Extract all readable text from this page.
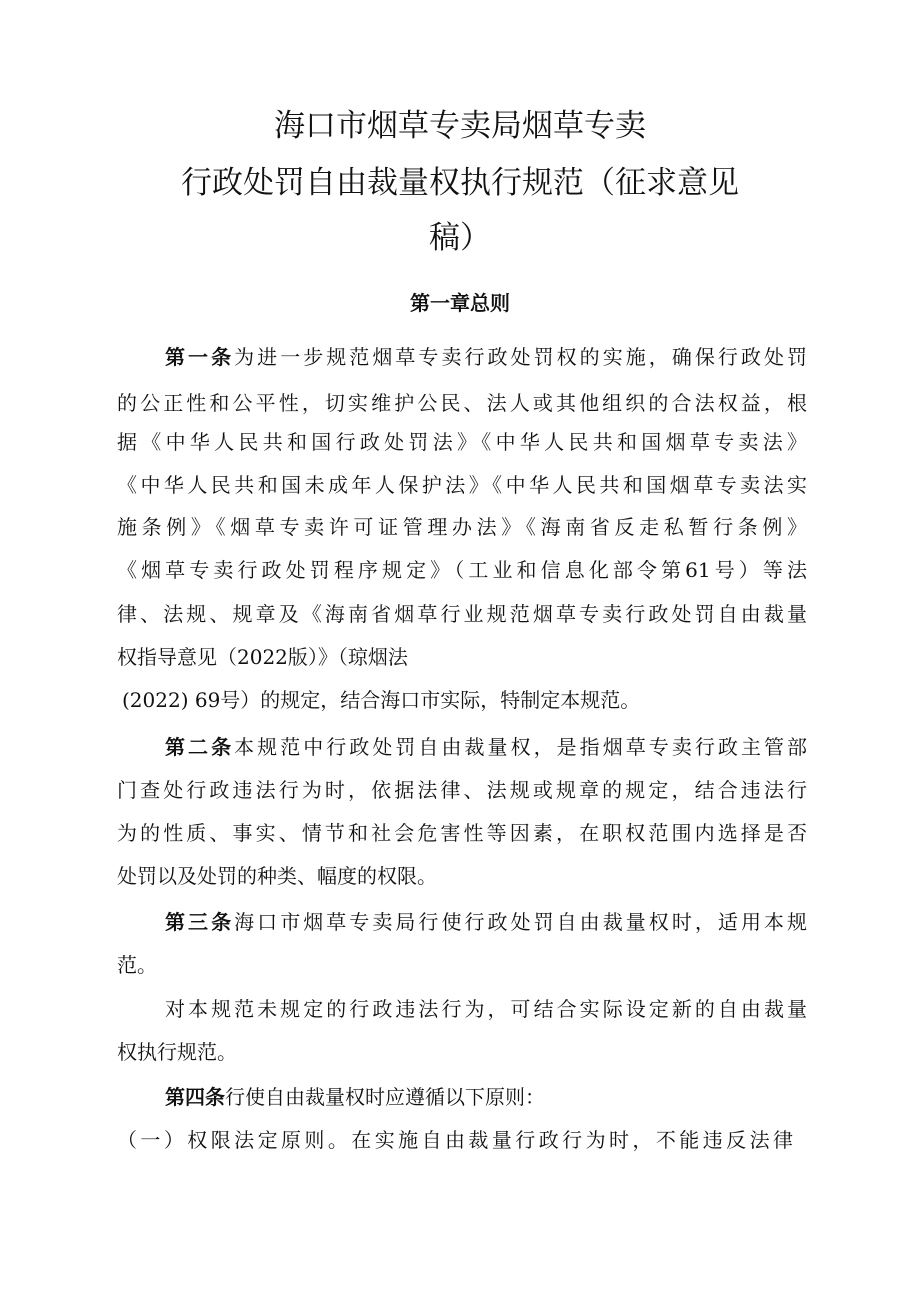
海口市烟草专卖局烟草专卖
行政处罚自由裁量权执行规范（征求意见
稿）
第一章总则
第一条为进一步规范烟草专卖行政处罚权的实施，确保行政处罚
的公正性和公平性，切实维护公民、法人或其他组织的合法权益，根
据《中华人民共和国行政处罚法》《中华人民共和国烟草专卖法》
《中华人民共和国未成年人保护法》《中华人民共和国烟草专卖法实
施条例》《烟草专卖许可证管理办法》《海南省反走私暂行条例》
《烟草专卖行政处罚程序规定》（工业和信息化部令第61号）等法
律、法规、规章及《海南省烟草行业规范烟草专卖行政处罚自由裁量
权指导意见（2022版）》（琼烟法
(2022) 69号）的规定，结合海口市实际，特制定本规范。
第二条本规范中行政处罚自由裁量权，是指烟草专卖行政主管部
门查处行政违法行为时，依据法律、法规或规章的规定，结合违法行
为的性质、事实、情节和社会危害性等因素，在职权范围内选择是否
处罚以及处罚的种类、幅度的权限。
第三条海口市烟草专卖局行使行政处罚自由裁量权时，适用本规
范。
对本规范未规定的行政违法行为，可结合实际设定新的自由裁量
权执行规范。
第四条行使自由裁量权时应遵循以下原则：
（一）权限法定原则。在实施自由裁量行政行为时，不能违反法律
